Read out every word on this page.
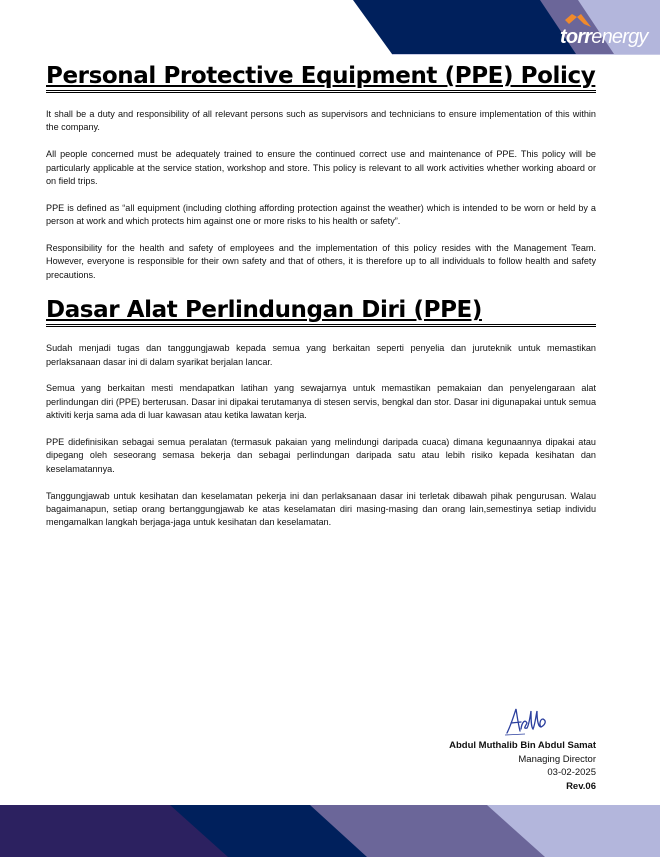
torrenergy
Personal Protective Equipment (PPE) Policy

It shall be a duty and responsibility of all relevant persons such as supervisors and technicians to ensure implementation of this within the company.

All people concerned must be adequately trained to ensure the continued correct use and maintenance of PPE. This policy will be particularly applicable at the service station, workshop and store. This policy is relevant to all work activities whether working aboard or on field trips.

PPE is defined as “all equipment (including clothing affording protection against the weather) which is intended to be worn or held by a person at work and which protects him against one or more risks to his health or safety”.

Responsibility for the health and safety of employees and the implementation of this policy resides with the Management Team. However, everyone is responsible for their own safety and that of others, it is therefore up to all individuals to follow health and safety precautions.

Dasar Alat Perlindungan Diri (PPE)

Sudah menjadi tugas dan tanggungjawab kepada semua yang berkaitan seperti penyelia dan juruteknik untuk memastikan perlaksanaan dasar ini di dalam syarikat berjalan lancar.

Semua yang berkaitan mesti mendapatkan latihan yang sewajarnya untuk memastikan pemakaian dan penyelengaraan alat perlindungan diri (PPE) berterusan. Dasar ini dipakai terutamanya di stesen servis, bengkal dan stor. Dasar ini digunapakai untuk semua aktiviti kerja sama ada di luar kawasan atau ketika lawatan kerja.

PPE didefinisikan sebagai semua peralatan (termasuk pakaian yang melindungi daripada cuaca) dimana kegunaannya dipakai atau dipegang oleh seseorang semasa bekerja dan sebagai perlindungan daripada satu atau lebih risiko kepada kesihatan dan keselamatannya.

Tanggungjawab untuk kesihatan dan keselamatan pekerja ini dan perlaksanaan dasar ini terletak dibawah pihak pengurusan. Walau bagaimanapun, setiap orang bertanggungjawab ke atas keselamatan diri masing-masing dan orang lain,semestinya setiap individu mengamalkan langkah berjaga-jaga untuk kesihatan dan keselamatan.

Abdul Muthalib Bin Abdul Samat
Managing Director
03-02-2025
Rev.06
